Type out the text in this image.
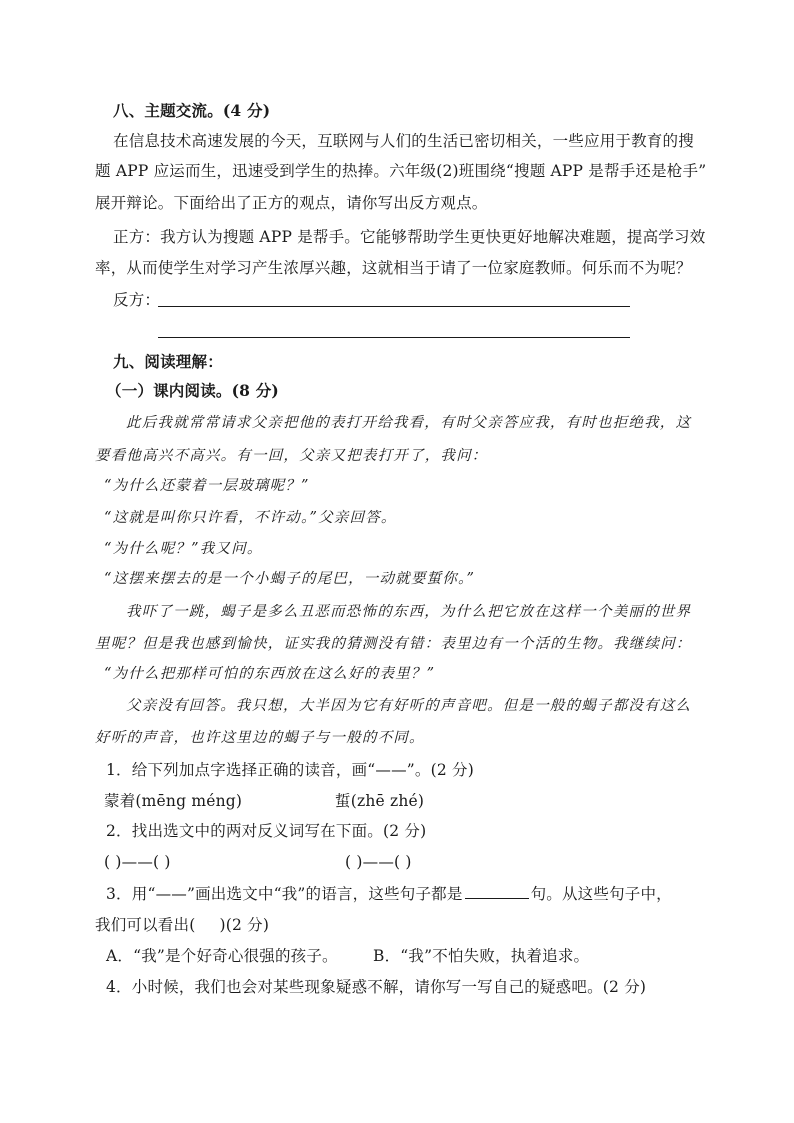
八、主题交流。(4 分)
在信息技术高速发展的今天，互联网与人们的生活已密切相关，一些应用于教育的搜
题 APP 应运而生，迅速受到学生的热捧。六年级(2)班围绕“搜题 APP 是帮手还是枪手”
展开辩论。下面给出了正方的观点，请你写出反方观点。
正方：我方认为搜题 APP 是帮手。它能够帮助学生更快更好地解决难题，提高学习效
率，从而使学生对学习产生浓厚兴趣，这就相当于请了一位家庭教师。何乐而不为呢？
反方：
九、阅读理解：
（一）课内阅读。(8 分)
此后我就常常请求父亲把他的表打开给我看，有时父亲答应我，有时也拒绝我，这
要看他高兴不高兴。有一回，父亲又把表打开了，我问：
“为什么还蒙着一层玻璃呢？”
“这就是叫你只许看，不许动。”父亲回答。
“为什么呢？”我又问。
“这摆来摆去的是一个小蝎子的尾巴，一动就要蜇你。”
我吓了一跳，蝎子是多么丑恶而恐怖的东西，为什么把它放在这样一个美丽的世界
里呢？但是我也感到愉快，证实我的猜测没有错：表里边有一个活的生物。我继续问：
“为什么把那样可怕的东西放在这么好的表里？”
父亲没有回答。我只想，大半因为它有好听的声音吧。但是一般的蝎子都没有这么
好听的声音，也许这里边的蝎子与一般的不同。
1．给下列加点字选择正确的读音，画“——”。(2 分)
蒙着(mēng méng)	蜇(zhē zhé)
2．找出选文中的两对反义词写在下面。(2 分)
( )——( )	( )——( )
3．用“——”画出选文中“我”的语言，这些句子都是	句。从这些句子中，
我们可以看出( )(2 分)
A．“我”是个好奇心很强的孩子。 B．“我”不怕失败，执着追求。
4．小时候，我们也会对某些现象疑惑不解，请你写一写自己的疑惑吧。(2 分)
